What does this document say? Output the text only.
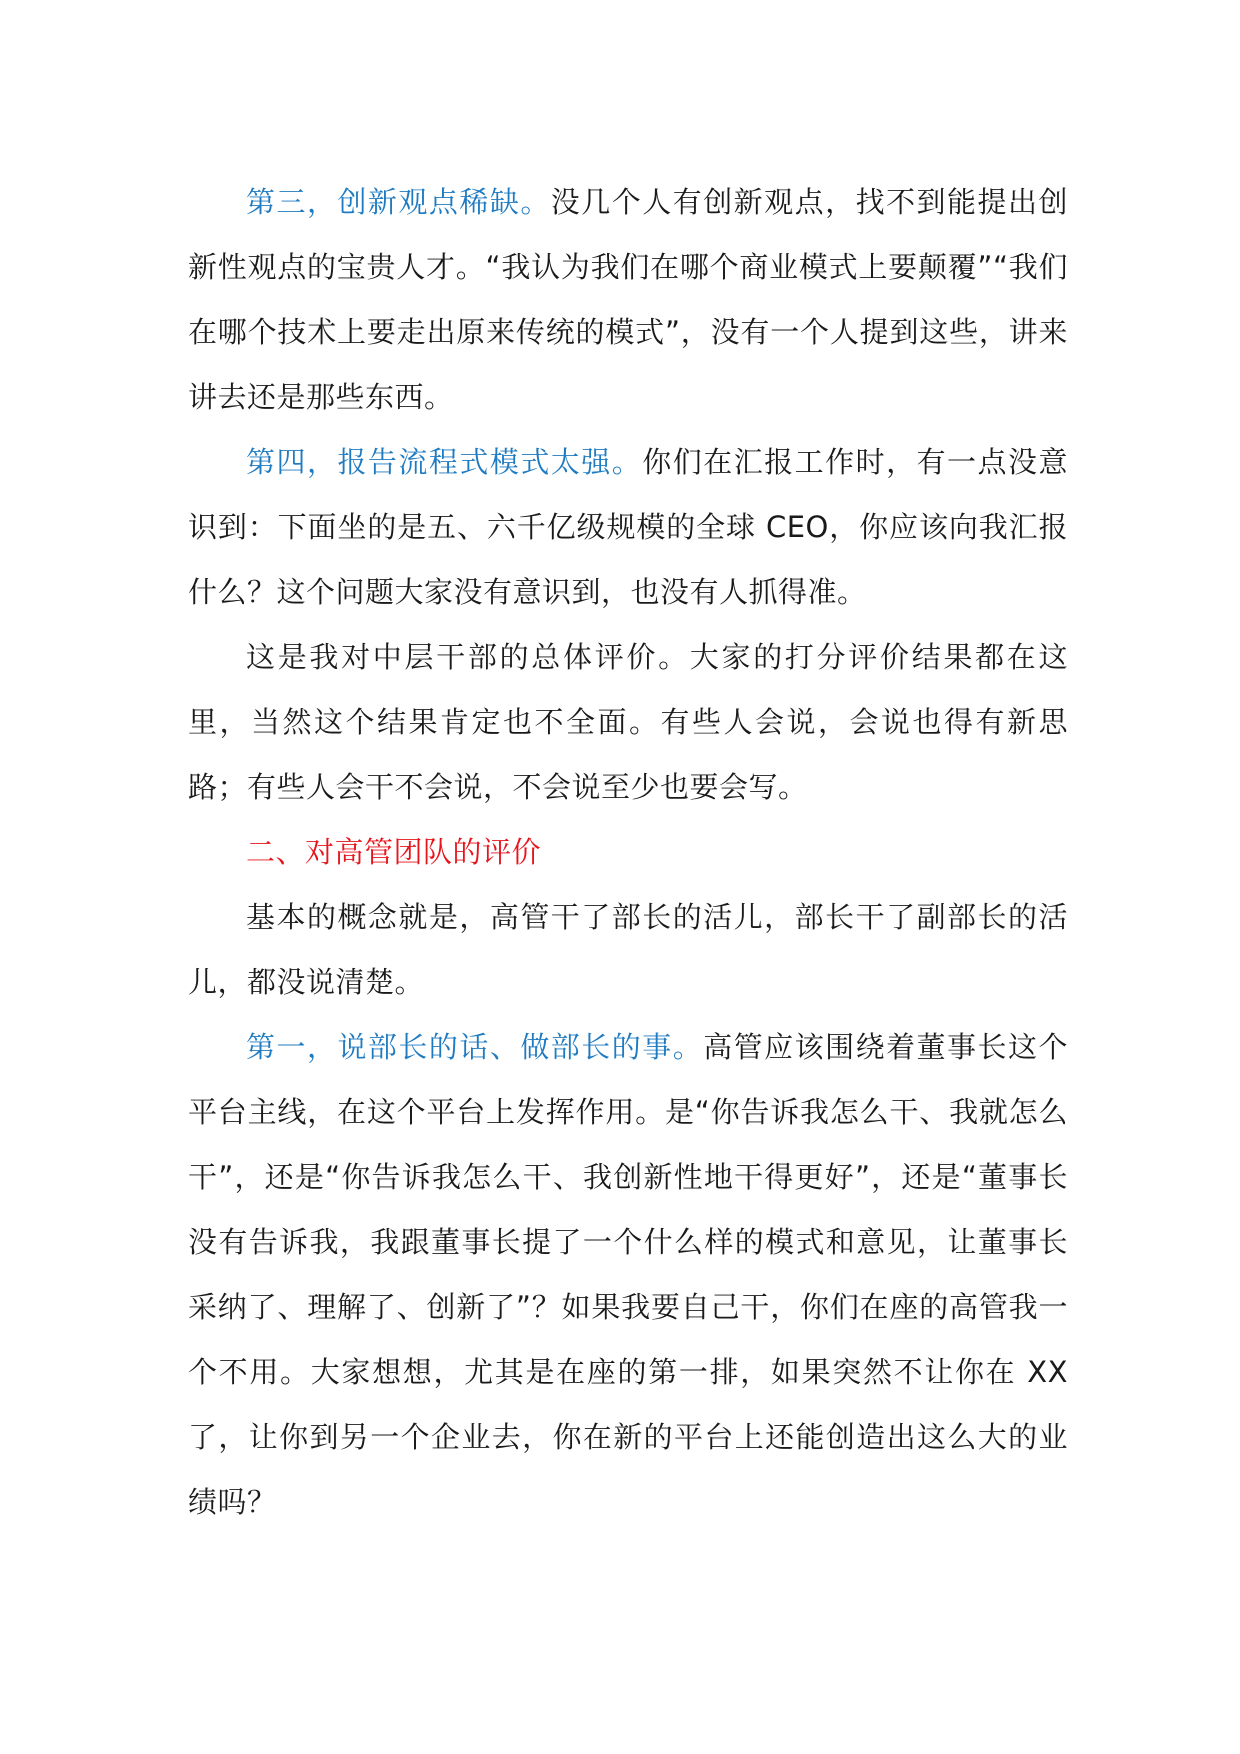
第三，创新观点稀缺。没几个人有创新观点，找不到能提出创新性观点的宝贵人才。“我认为我们在哪个商业模式上要颠覆”“我们在哪个技术上要走出原来传统的模式”，没有一个人提到这些，讲来讲去还是那些东西。

第四，报告流程式模式太强。你们在汇报工作时，有一点没意识到：下面坐的是五、六千亿级规模的全球 CEO，你应该向我汇报什么？这个问题大家没有意识到，也没有人抓得准。

这是我对中层干部的总体评价。大家的打分评价结果都在这里，当然这个结果肯定也不全面。有些人会说，会说也得有新思路；有些人会干不会说，不会说至少也要会写。

二、对高管团队的评价

基本的概念就是，高管干了部长的活儿，部长干了副部长的活儿，都没说清楚。

第一，说部长的话、做部长的事。高管应该围绕着董事长这个平台主线，在这个平台上发挥作用。是“你告诉我怎么干、我就怎么干”，还是“你告诉我怎么干、我创新性地干得更好”，还是“董事长没有告诉我，我跟董事长提了一个什么样的模式和意见，让董事长采纳了、理解了、创新了”？如果我要自己干，你们在座的高管我一个不用。大家想想，尤其是在座的第一排，如果突然不让你在 XX 了，让你到另一个企业去，你在新的平台上还能创造出这么大的业绩吗？
